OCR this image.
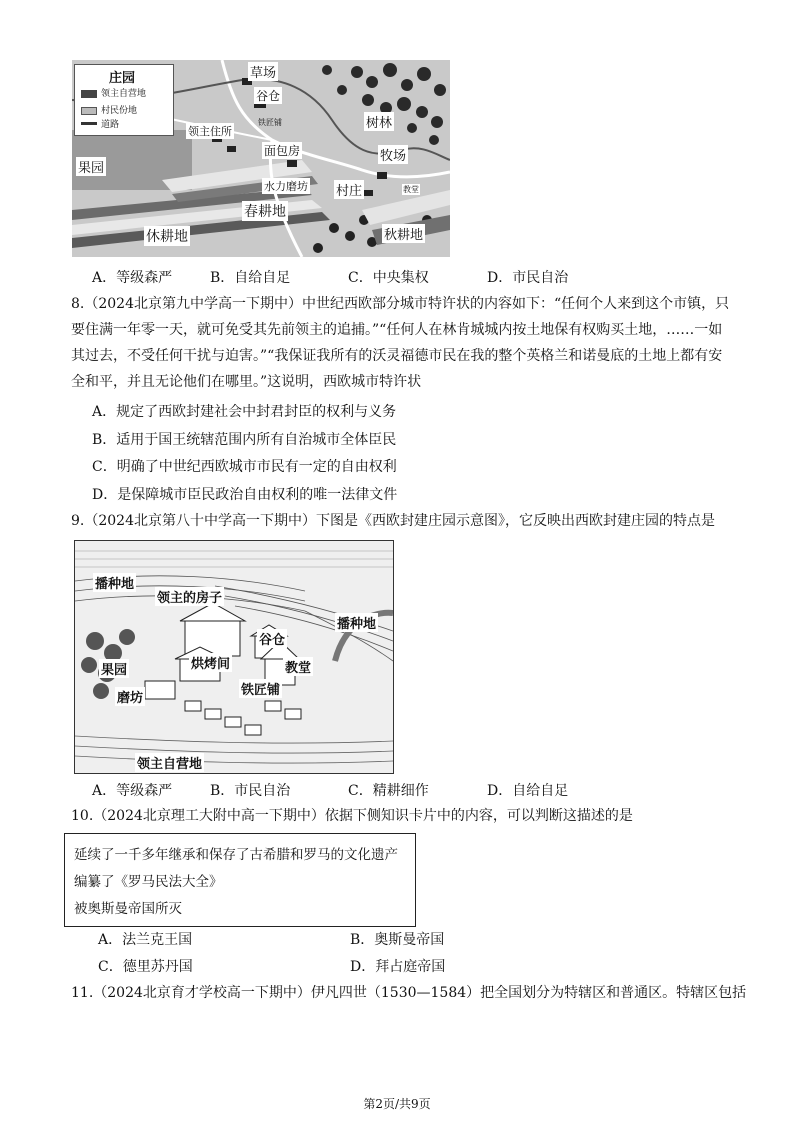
庄园
领主自营地
村民份地
道路
草场
谷仓
铁匠铺
领主住所
面包房
树林
牧场
果园
水力磨坊 村庄	教堂
春耕地
休耕地	秋耕地
A．等级森严	B．自给自足	C．中央集权	D．市民自治
8.（2024北京第九中学高一下期中）中世纪西欧部分城市特许状的内容如下：“任何个人来到这个市镇，只
要住满一年零一天，就可免受其先前领主的追捕。”“任何人在林肯城城内按土地保有权购买土地，……一如
其过去，不受任何干扰与迫害。”“我保证我所有的沃灵福德市民在我的整个英格兰和诺曼底的土地上都有安
全和平，并且无论他们在哪里。”这说明，西欧城市特许状
A．规定了西欧封建社会中封君封臣的权利与义务
B．适用于国王统辖范围内所有自治城市全体臣民
C．明确了中世纪西欧城市市民有一定的自由权利
D．是保障城市臣民政治自由权利的唯一法律文件
9.（2024北京第八十中学高一下期中）下图是《西欧封建庄园示意图》，它反映出西欧封建庄园的特点是
播种地
领主的房子
谷仓
播种地
果园	烘烤间	教堂
磨坊
铁匠铺
领主自营地
A．等级森严	B．市民自治	C．精耕细作	D．自给自足
10.（2024北京理工大附中高一下期中）依据下侧知识卡片中的内容，可以判断这描述的是
延续了一千多年继承和保存了古希腊和罗马的文化遗产
编纂了《罗马民法大全》
被奥斯曼帝国所灭
A．法兰克王国	B．奥斯曼帝国
C．德里苏丹国	D．拜占庭帝国
11.（2024北京育才学校高一下期中）伊凡四世（1530—1584）把全国划分为特辖区和普通区。特辖区包括
第2页/共9页
